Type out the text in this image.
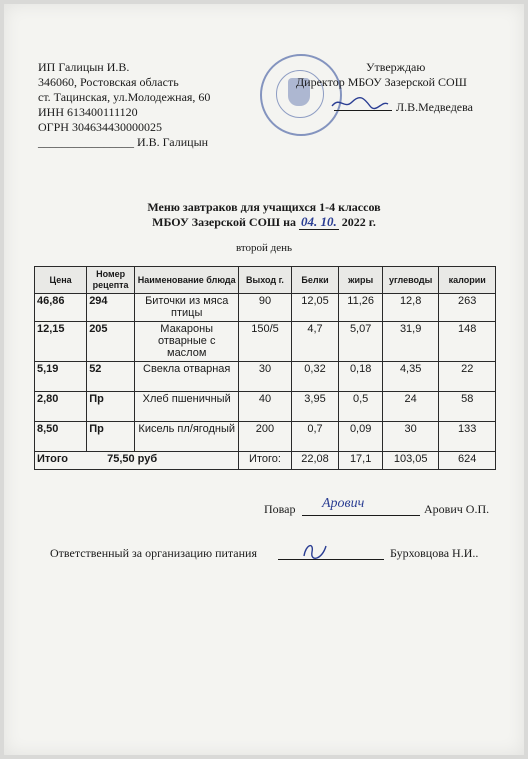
ИП Галицын И.В.
346060, Ростовская область
ст. Тацинская, ул.Молодежная, 60
ИНН 613400111120
ОГРН 304634430000025
________________ И.В. Галицын
Утверждаю
Директор МБОУ Зазерской СОШ
Л.В.Медведева
Меню завтраков для учащихся 1-4 классов
МБОУ Зазерской СОШ на 04. 10. 2022 г.
второй день
Цена	Номер рецепта	Наименование блюда	Выход г.	Белки	жиры	углеводы	калории
46,86	294	Биточки из мяса птицы	90	12,05	11,26	12,8	263
12,15	205	Макароны отварные с маслом	150/5	4,7	5,07	31,9	148
5,19	52	Свекла отварная	30	0,32	0,18	4,35	22
2,80	Пр	Хлеб пшеничный	40	3,95	0,5	24	58
8,50	Пр	Кисель пл/ягодный	200	0,7	0,09	30	133
Итого 75,50 руб			Итого:	22,08	17,1	103,05	624
Повар Арович	Арович О.П.
Ответственный за организацию питания	Бурховцова Н.И..
